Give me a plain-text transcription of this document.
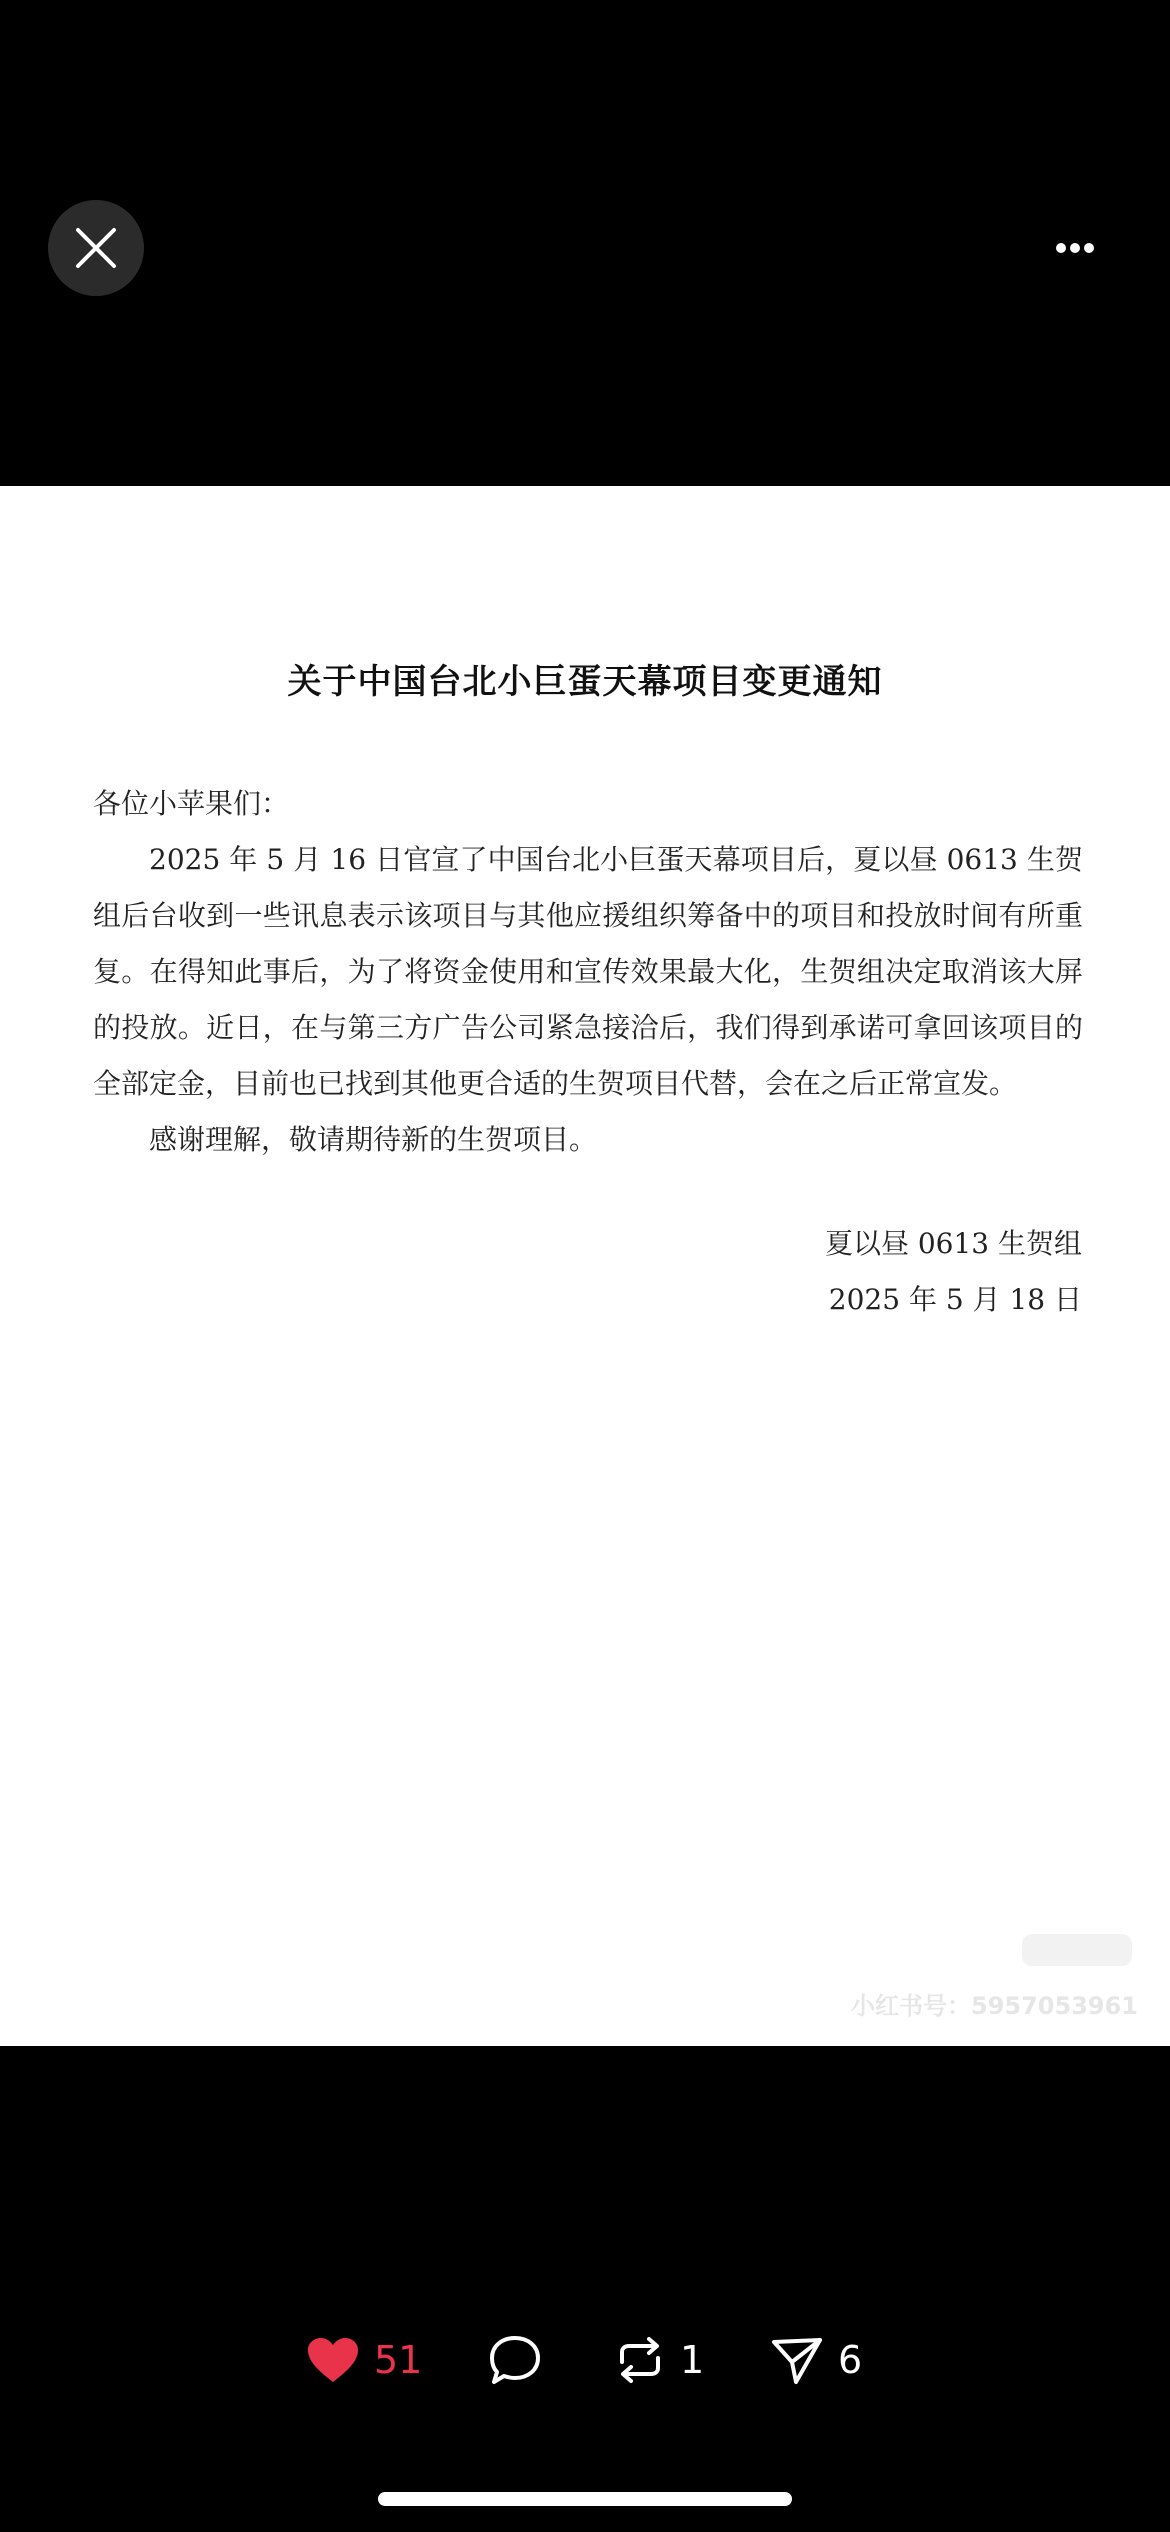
关于中国台北小巨蛋天幕项目变更通知

各位小苹果们：

2025 年 5 月 16 日官宣了中国台北小巨蛋天幕项目后，夏以昼 0613 生贺组后台收到一些讯息表示该项目与其他应援组织筹备中的项目和投放时间有所重复。在得知此事后，为了将资金使用和宣传效果最大化，生贺组决定取消该大屏的投放。近日，在与第三方广告公司紧急接洽后，我们得到承诺可拿回该项目的全部定金，目前也已找到其他更合适的生贺项目代替，会在之后正常宣发。

感谢理解，敬请期待新的生贺项目。

夏以昼 0613 生贺组
2025 年 5 月 18 日
小红书号：5957053961
51	1	6
